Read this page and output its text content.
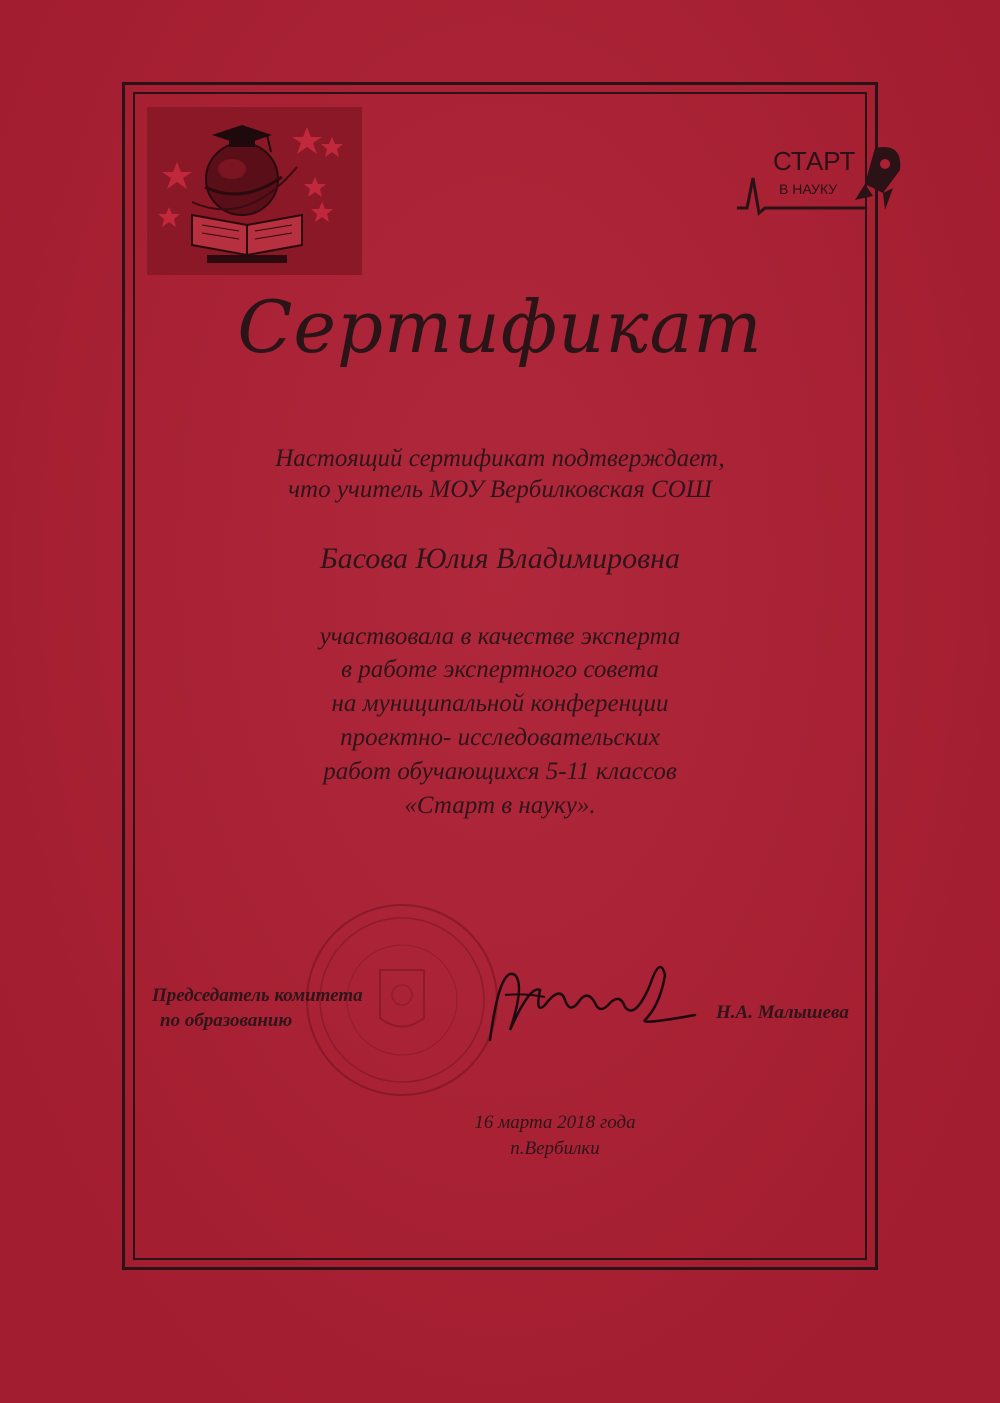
СТАРТ
В НАУКУ
Сертификат

Настоящий сертификат подтверждает,

что учитель МОУ Вербилковская СОШ

Басова Юлия Владимировна

участвовала в качестве эксперта

в работе экспертного совета

на муниципальной конференции

проектно- исследовательских

работ обучающихся 5-11 классов

«Старт в науку».

Председатель комитета
по образованию	Н.А. Малышева
16 марта 2018 года
п.Вербилки
